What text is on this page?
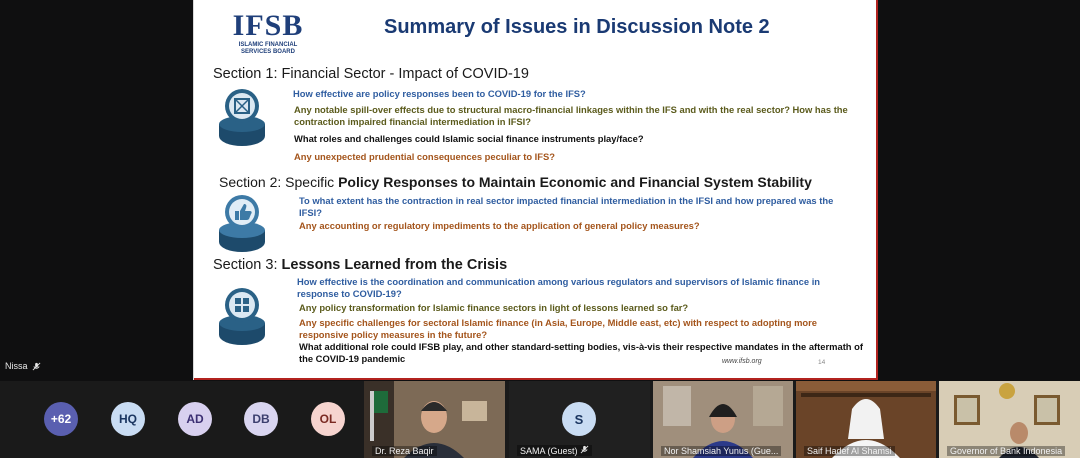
IFSB
ISLAMIC FINANCIAL
SERVICES BOARD
Summary of Issues in Discussion Note 2
Section 1: Financial Sector - Impact of COVID-19
How effective are policy responses been to COVID-19 for the IFS?
Any notable spill-over effects due to structural macro-financial linkages within the IFS and with the real sector? How has the contraction impaired financial intermediation in IFSI?
What roles and challenges could Islamic social finance instruments play/face?
Any unexpected prudential consequences peculiar to IFS?
Section 2: Specific Policy Responses to Maintain Economic and Financial System Stability
To what extent has the contraction in real sector impacted financial intermediation in the IFSI and how prepared was the IFSI?
Any accounting or regulatory impediments to the application of general policy measures?
Section 3: Lessons Learned from the Crisis
How effective is the coordination and communication among various regulators and supervisors of Islamic finance in response to COVID-19?
Any policy transformation for Islamic finance sectors in light of lessons learned so far?
Any specific challenges for sectoral Islamic finance (in Asia, Europe, Middle east, etc) with respect to adopting more responsive policy measures in the future?
What additional role could IFSB play, and other standard-setting bodies, vis-à-vis their respective mandates in the aftermath of the COVID-19 pandemic	www.ifsb.org	14
Nissa
+62	HQ	AD	DB	OL
Dr. Reza Baqir
S
SAMA (Guest)	Nor Shamsiah Yunus (Gue...	Saif Hadef Al Shamsi	Governor of Bank Indonesia
